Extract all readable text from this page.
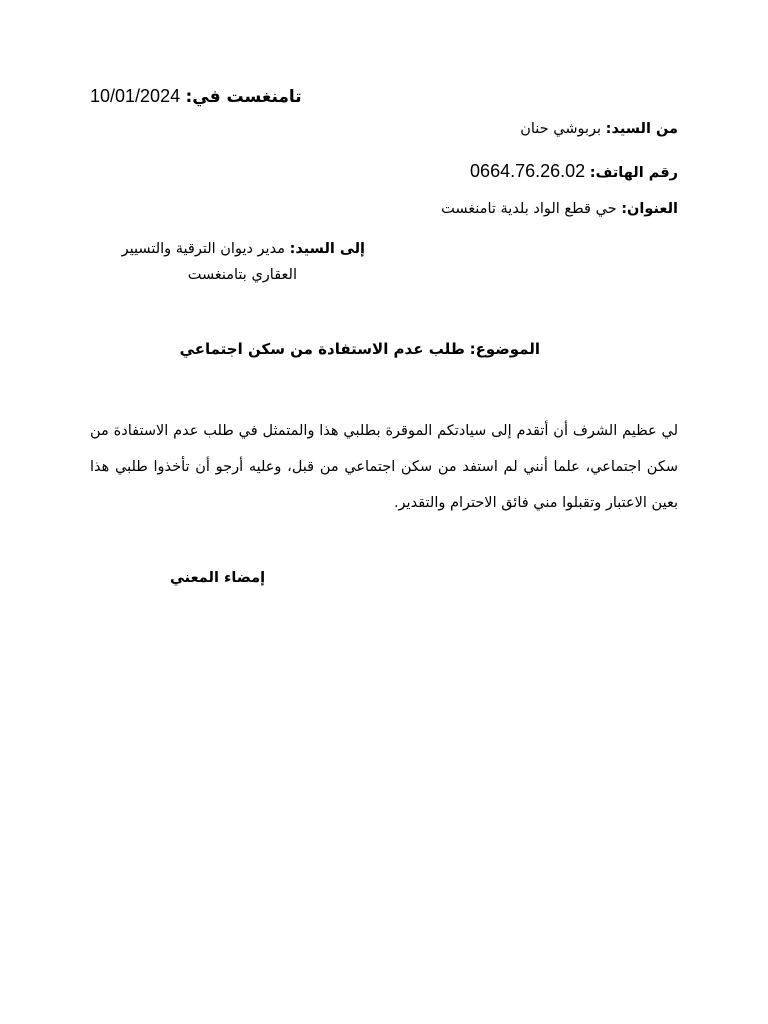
10/01/2024 تامنغست في:
من السيد: بربوشي حنان
رقم الهاتف: 0664.76.26.02
العنوان: حي قطع الواد بلدية تامنغست
إلى السيد: مدير ديوان الترقية والتسيير
العقاري بتامنغست
الموضوع: طلب عدم الاستفادة من سكن اجتماعي
لي عظيم الشرف أن أتقدم إلى سيادتكم الموقرة بطلبي هذا والمتمثل في طلب عدم الاستفادة من سكن اجتماعي، علما أنني لم استفد من سكن اجتماعي من قبل، وعليه أرجو أن تأخذوا طلبي هذا بعين الاعتبار وتقبلوا مني فائق الاحترام والتقدير.
إمضاء المعني
